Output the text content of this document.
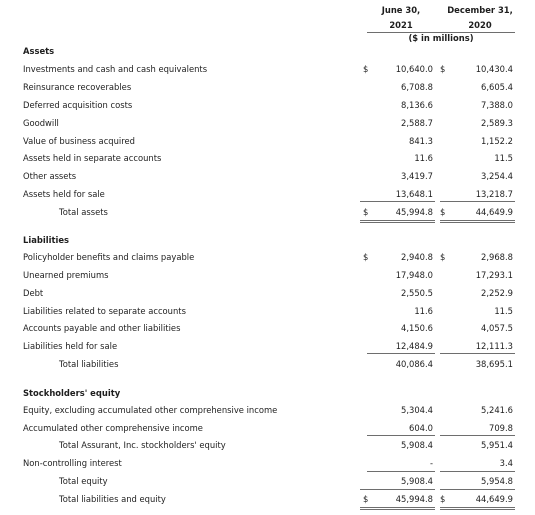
June 30,
2021
December 31,
2020
($ in millions)
Assets
Investments and cash and cash equivalents	$	10,640.0 $	10,430.4
Reinsurance recoverables	6,708.8	6,605.4
Deferred acquisition costs	8,136.6	7,388.0
Goodwill	2,588.7	2,589.3
Value of business acquired	841.3	1,152.2
Assets held in separate accounts	11.6	11.5
Other assets	3,419.7	3,254.4
Assets held for sale	13,648.1	13,218.7
Total assets	$	45,994.8 $	44,649.9
Liabilities
Policyholder benefits and claims payable	$	2,940.8 $	2,968.8
Unearned premiums	17,948.0	17,293.1
Debt	2,550.5	2,252.9
Liabilities related to separate accounts	11.6	11.5
Accounts payable and other liabilities	4,150.6	4,057.5
Liabilities held for sale	12,484.9	12,111.3
Total liabilities	40,086.4	38,695.1
Stockholders' equity
Equity, excluding accumulated other comprehensive income	5,304.4	5,241.6
Accumulated other comprehensive income	604.0	709.8
Total Assurant, Inc. stockholders' equity	5,908.4	5,951.4
Non-controlling interest	-	3.4
Total equity	5,908.4	5,954.8
Total liabilities and equity	$	45,994.8 $	44,649.9
